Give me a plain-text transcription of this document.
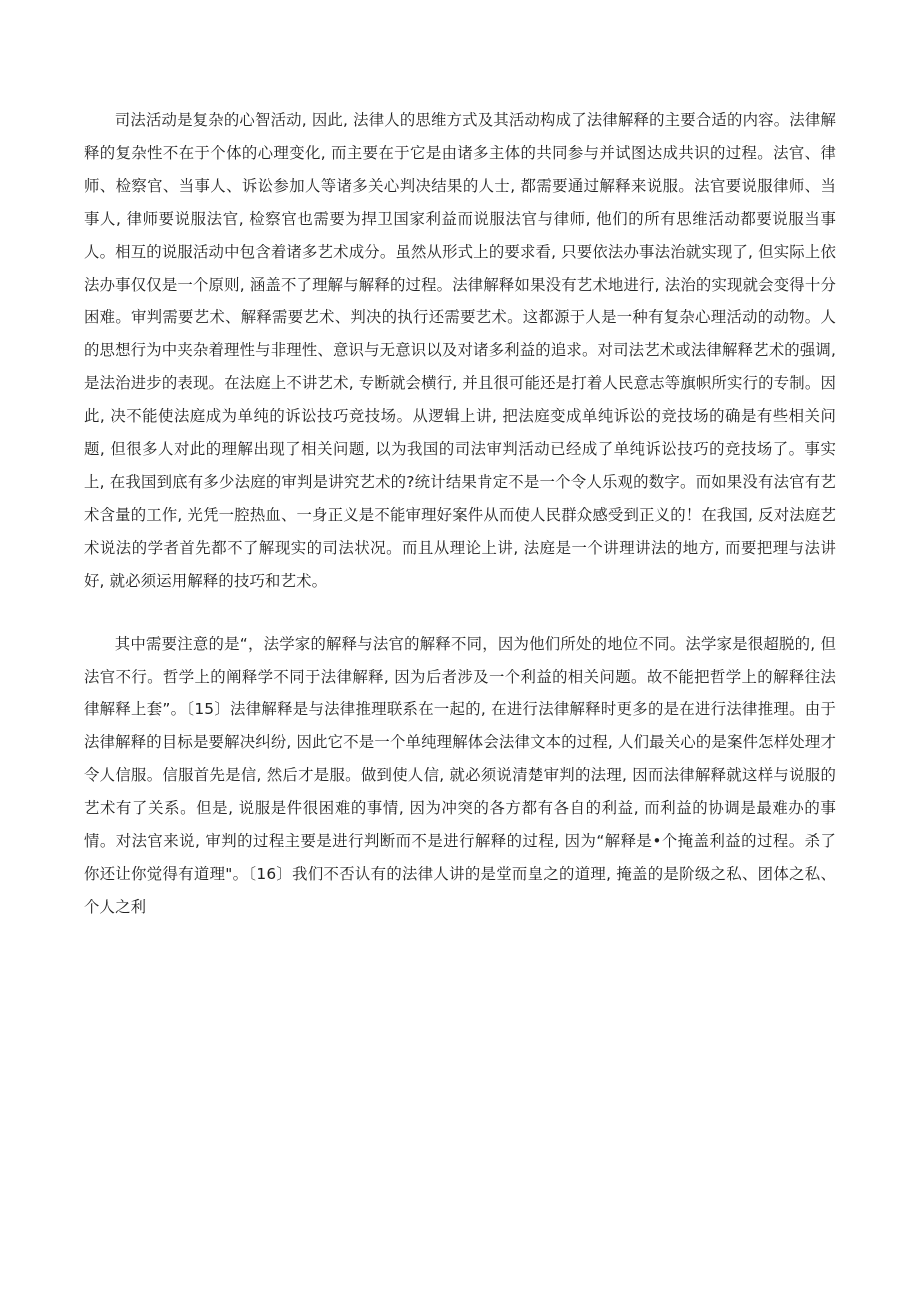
司法活动是复杂的心智活动, 因此, 法律人的思维方式及其活动构成了法律解释的主要合适的内容。法律解释的复杂性不在于个体的心理变化, 而主要在于它是由诸多主体的共同参与并试图达成共识的过程。法官、律师、检察官、当事人、诉讼参加人等诸多关心判决结果的人士, 都需要通过解释来说服。法官要说服律师、当事人, 律师要说服法官, 检察官也需要为捍卫国家利益而说服法官与律师, 他们的所有思维活动都要说服当事人。相互的说服活动中包含着诸多艺术成分。虽然从形式上的要求看, 只要依法办事法治就实现了, 但实际上依法办事仅仅是一个原则, 涵盖不了理解与解释的过程。法律解释如果没有艺术地进行, 法治的实现就会变得十分困难。审判需要艺术、解释需要艺术、判决的执行还需要艺术。这都源于人是一种有复杂心理活动的动物。人的思想行为中夹杂着理性与非理性、意识与无意识以及对诸多利益的追求。对司法艺术或法律解释艺术的强调, 是法治进步的表现。在法庭上不讲艺术, 专断就会横行, 并且很可能还是打着人民意志等旗帜所实行的专制。因此, 决不能使法庭成为单纯的诉讼技巧竞技场。从逻辑上讲, 把法庭变成单纯诉讼的竞技场的确是有些相关问题, 但很多人对此的理解出现了相关问题, 以为我国的司法审判活动已经成了单纯诉讼技巧的竞技场了。事实上, 在我国到底有多少法庭的审判是讲究艺术的?统计结果肯定不是一个令人乐观的数字。而如果没有法官有艺术含量的工作, 光凭一腔热血、一身正义是不能审理好案件从而使人民群众感受到正义的！在我国, 反对法庭艺术说法的学者首先都不了解现实的司法状况。而且从理论上讲, 法庭是一个讲理讲法的地方, 而要把理与法讲好, 就必须运用解释的技巧和艺术。

其中需要注意的是“，法学家的解释与法官的解释不同，因为他们所处的地位不同。法学家是很超脱的, 但法官不行。哲学上的阐释学不同于法律解释, 因为后者涉及一个利益的相关问题。故不能把哲学上的解释往法律解释上套”。〔15〕法律解释是与法律推理联系在一起的, 在进行法律解释时更多的是在进行法律推理。由于法律解释的目标是要解决纠纷, 因此它不是一个单纯理解体会法律文本的过程, 人们最关心的是案件怎样处理才令人信服。信服首先是信, 然后才是服。做到使人信, 就必须说清楚审判的法理, 因而法律解释就这样与说服的艺术有了关系。但是, 说服是件很困难的事情, 因为冲突的各方都有各自的利益, 而利益的协调是最难办的事情。对法官来说, 审判的过程主要是进行判断而不是进行解释的过程, 因为“解释是•个掩盖利益的过程。杀了你还让你觉得有道理"。〔16〕我们不否认有的法律人讲的是堂而皇之的道理, 掩盖的是阶级之私、团体之私、个人之利
